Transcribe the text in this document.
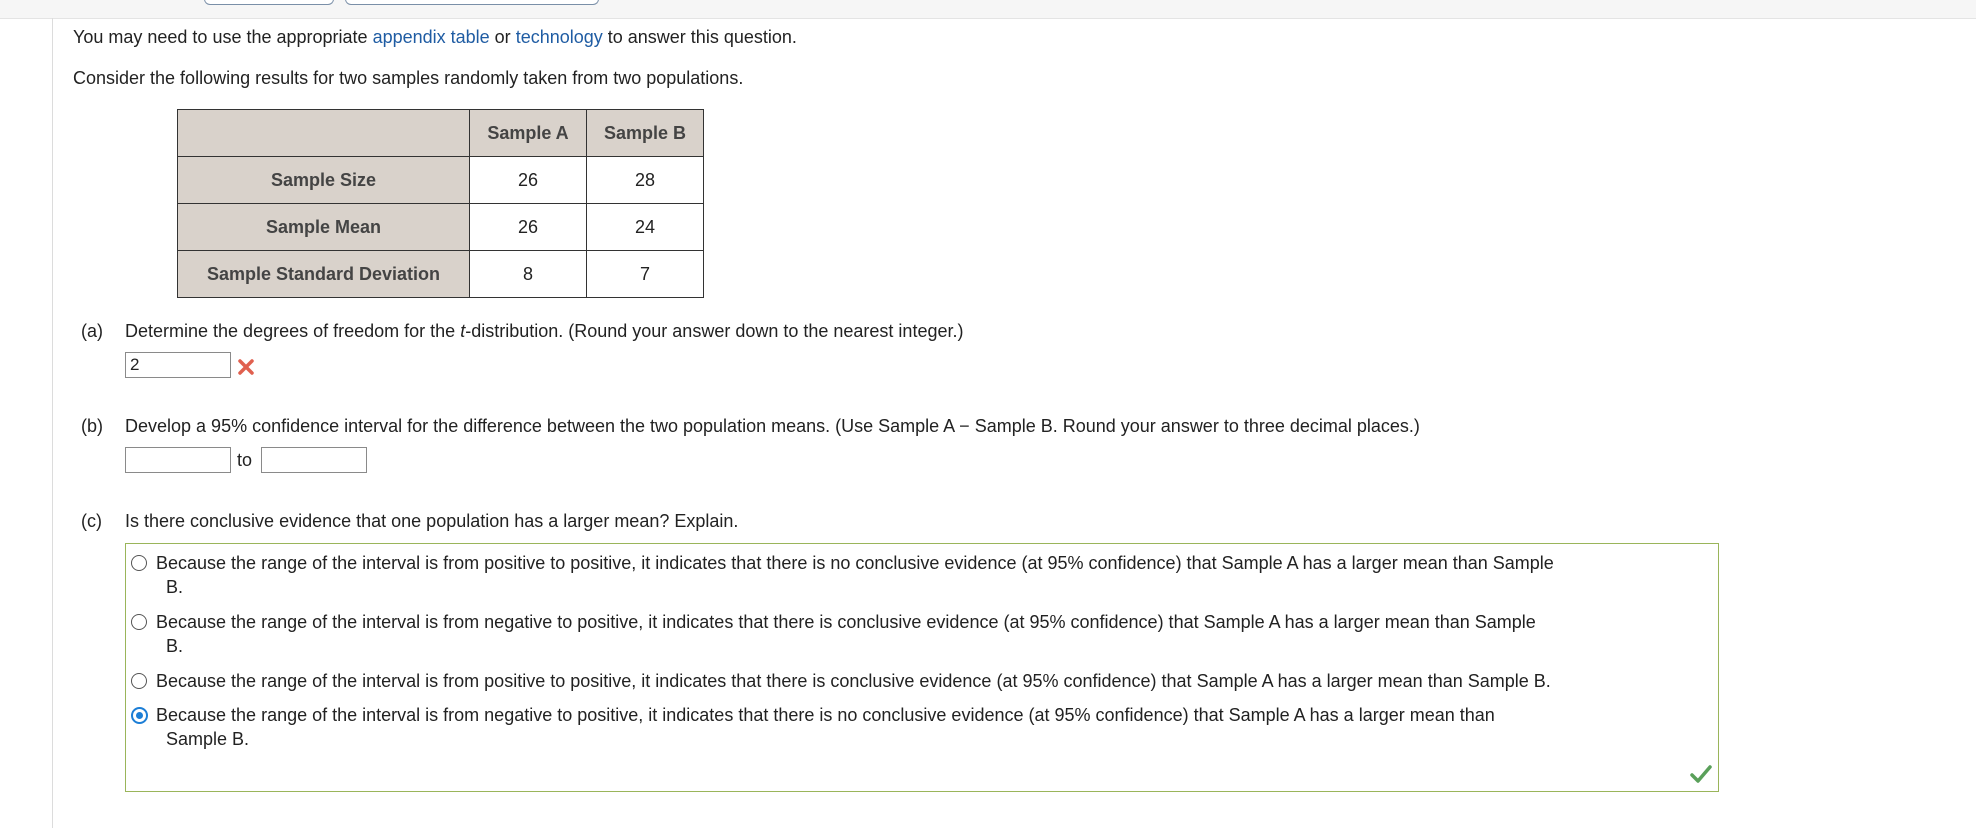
You may need to use the appropriate appendix table or technology to answer this question.
Consider the following results for two samples randomly taken from two populations.
	Sample A	Sample B
Sample Size	26	28
Sample Mean	26	24
Sample Standard Deviation	8	7
(a) Determine the degrees of freedom for the t-distribution. (Round your answer down to the nearest integer.)
2
(b) Develop a 95% confidence interval for the difference between the two population means. (Use Sample A − Sample B. Round your answer to three decimal places.)
to
(c) Is there conclusive evidence that one population has a larger mean? Explain.
Because the range of the interval is from positive to positive, it indicates that there is no conclusive evidence (at 95% confidence) that Sample A has a larger mean than Sample
B.
Because the range of the interval is from negative to positive, it indicates that there is conclusive evidence (at 95% confidence) that Sample A has a larger mean than Sample
B.
Because the range of the interval is from positive to positive, it indicates that there is conclusive evidence (at 95% confidence) that Sample A has a larger mean than Sample B.
Because the range of the interval is from negative to positive, it indicates that there is no conclusive evidence (at 95% confidence) that Sample A has a larger mean than
Sample B.
